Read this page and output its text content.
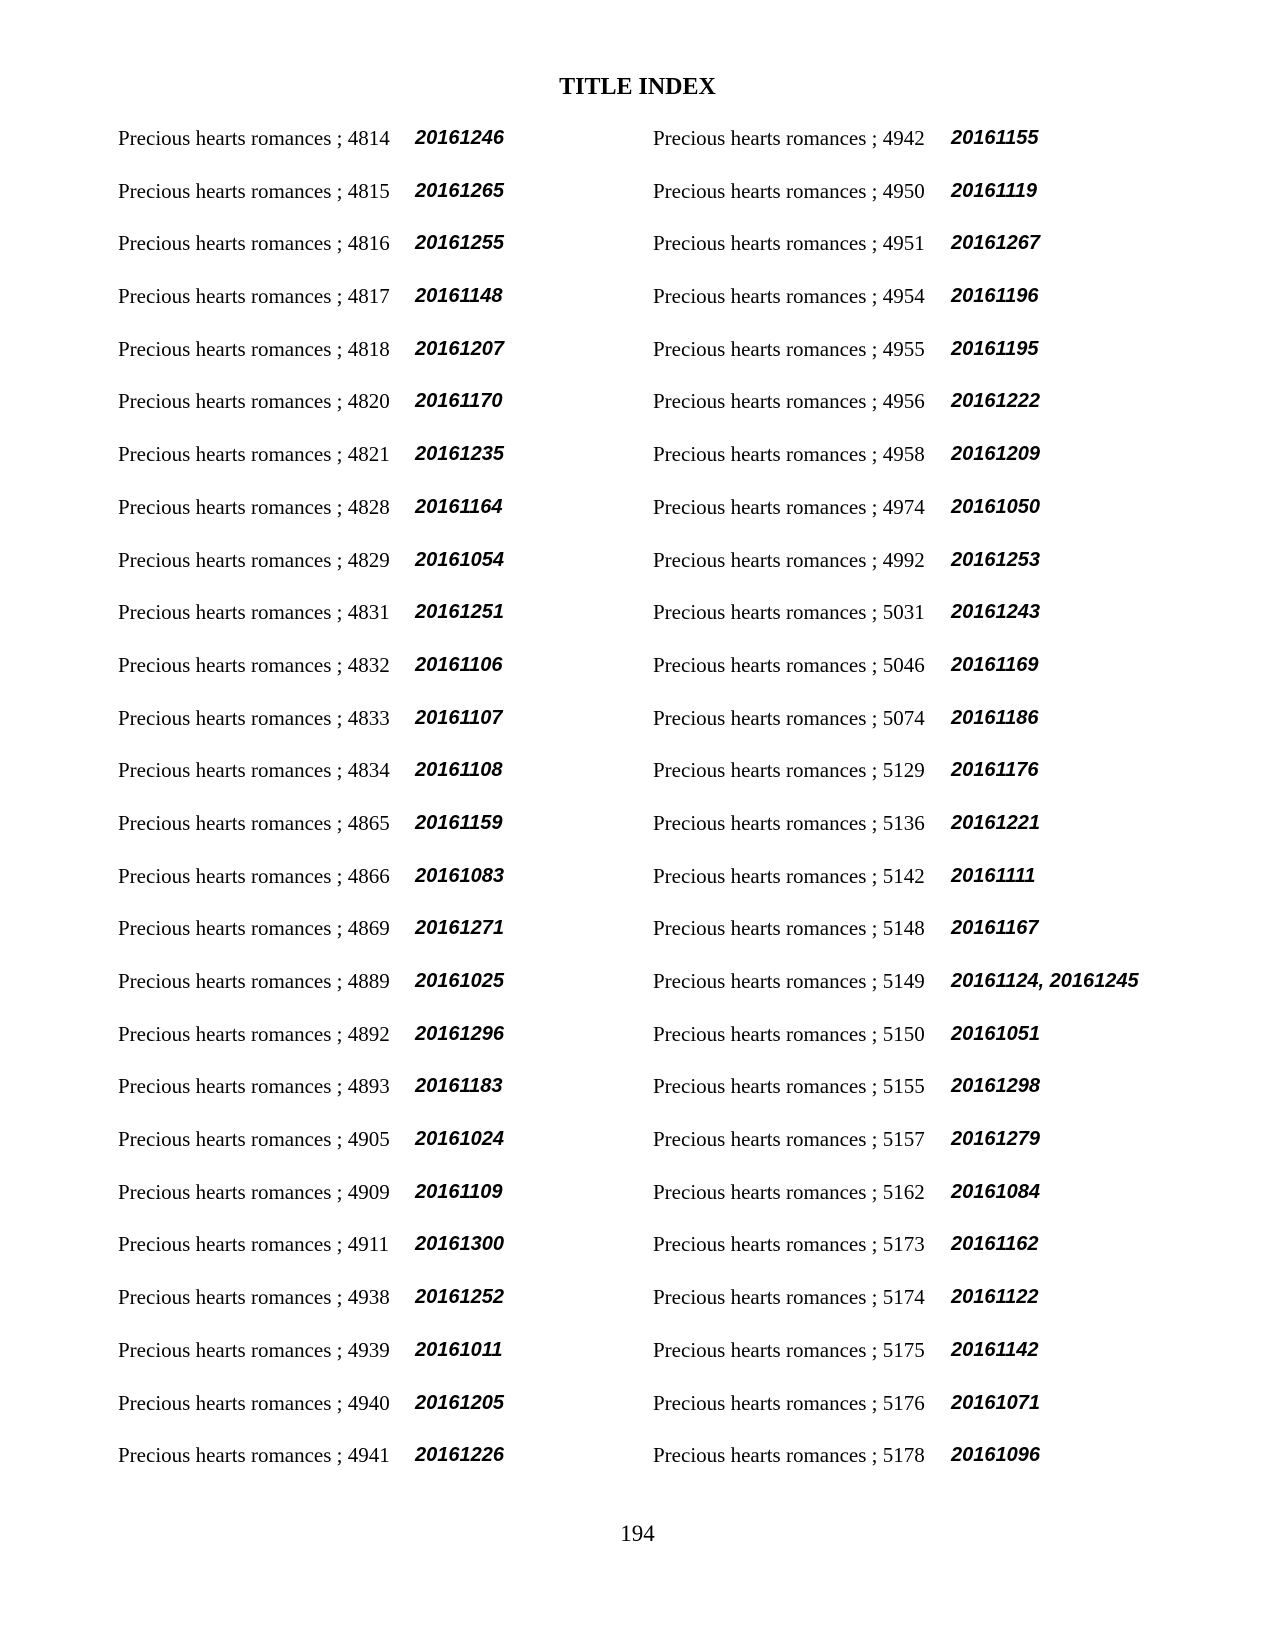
TITLE INDEX
Precious hearts romances ; 4814 20161246
Precious hearts romances ; 4815 20161265
Precious hearts romances ; 4816 20161255
Precious hearts romances ; 4817 20161148
Precious hearts romances ; 4818 20161207
Precious hearts romances ; 4820 20161170
Precious hearts romances ; 4821 20161235
Precious hearts romances ; 4828 20161164
Precious hearts romances ; 4829 20161054
Precious hearts romances ; 4831 20161251
Precious hearts romances ; 4832 20161106
Precious hearts romances ; 4833 20161107
Precious hearts romances ; 4834 20161108
Precious hearts romances ; 4865 20161159
Precious hearts romances ; 4866 20161083
Precious hearts romances ; 4869 20161271
Precious hearts romances ; 4889 20161025
Precious hearts romances ; 4892 20161296
Precious hearts romances ; 4893 20161183
Precious hearts romances ; 4905 20161024
Precious hearts romances ; 4909 20161109
Precious hearts romances ; 4911 20161300
Precious hearts romances ; 4938 20161252
Precious hearts romances ; 4939 20161011
Precious hearts romances ; 4940 20161205
Precious hearts romances ; 4941 20161226
Precious hearts romances ; 4942 20161155
Precious hearts romances ; 4950 20161119
Precious hearts romances ; 4951 20161267
Precious hearts romances ; 4954 20161196
Precious hearts romances ; 4955 20161195
Precious hearts romances ; 4956 20161222
Precious hearts romances ; 4958 20161209
Precious hearts romances ; 4974 20161050
Precious hearts romances ; 4992 20161253
Precious hearts romances ; 5031 20161243
Precious hearts romances ; 5046 20161169
Precious hearts romances ; 5074 20161186
Precious hearts romances ; 5129 20161176
Precious hearts romances ; 5136 20161221
Precious hearts romances ; 5142 20161111
Precious hearts romances ; 5148 20161167
Precious hearts romances ; 5149 20161124, 20161245
Precious hearts romances ; 5150 20161051
Precious hearts romances ; 5155 20161298
Precious hearts romances ; 5157 20161279
Precious hearts romances ; 5162 20161084
Precious hearts romances ; 5173 20161162
Precious hearts romances ; 5174 20161122
Precious hearts romances ; 5175 20161142
Precious hearts romances ; 5176 20161071
Precious hearts romances ; 5178 20161096
194
